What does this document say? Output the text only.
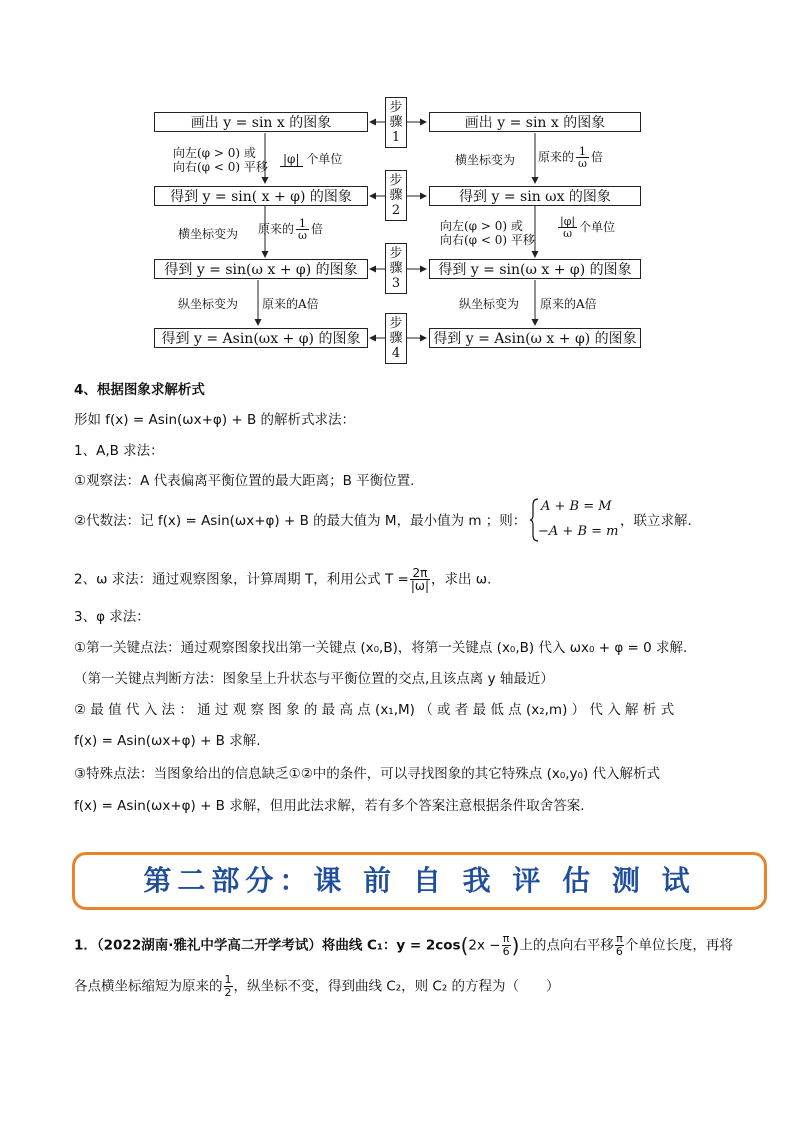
画出 y = sin x 的图象
得到 y = sin( x + φ) 的图象
得到 y = sin(ω x + φ) 的图象
得到 y = Asin(ωx + φ) 的图象
画出 y = sin x 的图象
得到 y = sin ωx 的图象
得到 y = sin(ω x + φ) 的图象
得到 y = Asin(ω x + φ) 的图象
步
骤
1
步
骤
2
步
骤
3
步
骤
4
向左(φ > 0) 或
向右(φ < 0) 平移
|φ| 个单位
横坐标变为 原来的 $\frac{1}{\omega}$ 倍
纵坐标变为 原来的A倍
横坐标变为 原来的 $\frac{1}{\omega}$ 倍
向左(φ > 0) 或
向右(φ < 0) 平移
$\frac{|\varphi|}{\omega}$ 个单位
纵坐标变为 原来的A倍
4、根据图象求解析式
形如 f(x) = Asin(ωx+φ) + B 的解析式求法：
1、A,B 求法：
①观察法：A 代表偏离平衡位置的最大距离；B 平衡位置.
②代数法：记 f(x) = Asin(ωx+φ) + B 的最大值为 M，最小值为 m ；则：
A + B = M
−A + B = m
，联立求解.
2、ω 求法：通过观察图象，计算周期 T，利用公式 $T = \frac{2\pi}{|\omega|}$ ，求出 ω.
3、φ 求法：
①第一关键点法：通过观察图象找出第一关键点 (x₀,B)，将第一关键点 (x₀,B) 代入 ωx₀ + φ = 0 求解.
（第一关键点判断方法：图象呈上升状态与平衡位置的交点,且该点离 y 轴最近）
② 最 值 代 入 法 ： 通 过 观 察 图 象 的 最 高 点 (x₁,M) （ 或 者 最 低 点 (x₂,m) ） 代 入 解 析 式
f(x) = Asin(ωx+φ) + B 求解.
③特殊点法：当图象给出的信息缺乏①②中的条件，可以寻找图象的其它特殊点 (x₀,y₀) 代入解析式
f(x) = Asin(ωx+φ) + B 求解，但用此法求解，若有多个答案注意根据条件取舍答案.
第二部分：课 前 自 我 评 估 测 试
1．（2022湖南·雅礼中学高二开学考试）将曲线 C₁：$y = 2\cos(2x - \frac{\pi}{6}$ )上的点向右平移 $\frac{\pi}{6}$ 个单位长度，再将
各点横坐标缩短为原来的 $\frac{1}{2}$ ，纵坐标不变，得到曲线 C₂，则 C₂ 的方程为（　　）
